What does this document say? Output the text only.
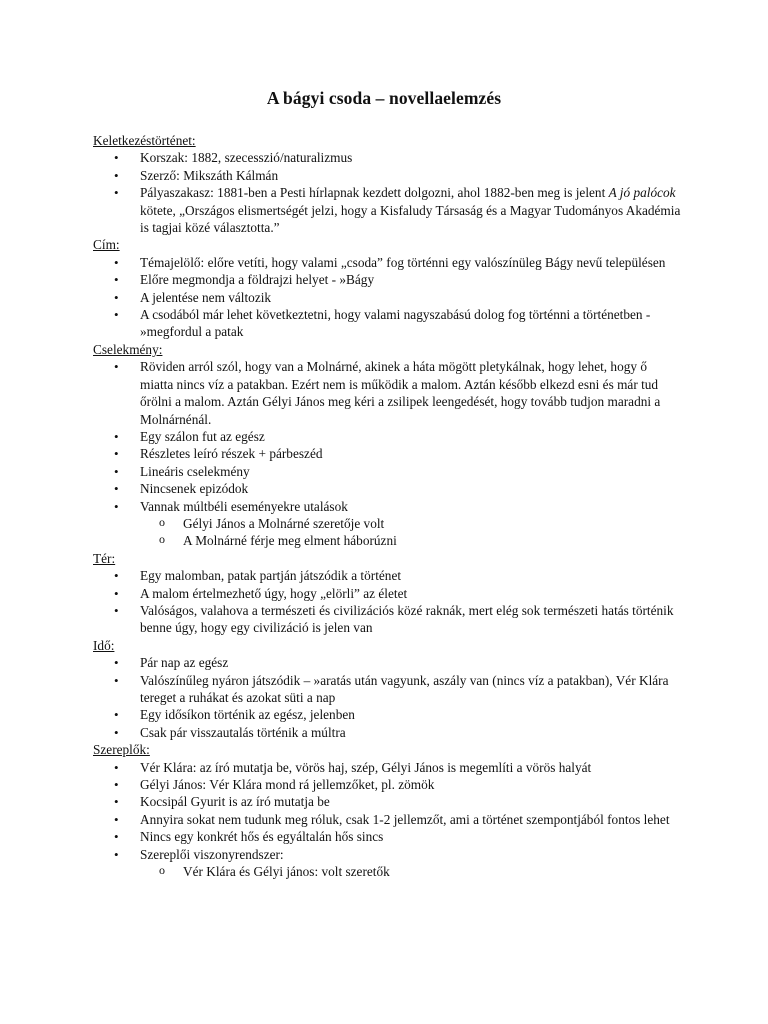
A bágyi csoda – novellaelemzés

Keletkezéstörténet:

• Korszak: 1882, szecesszió/naturalizmus
• Szerző: Mikszáth Kálmán
• Pályaszakasz: 1881-ben a Pesti hírlapnak kezdett dolgozni, ahol 1882-ben meg is jelent A jó palócok kötete, „Országos elismertségét jelzi, hogy a Kisfaludy Társaság és a Magyar Tudományos Akadémia is tagjai közé választotta.”

Cím:

• Témajelölő: előre vetíti, hogy valami „csoda” fog történni egy valószínüleg Bágy nevű településen
• Előre megmondja a földrajzi helyet - »Bágy
• A jelentése nem változik
• A csodából már lehet következtetni, hogy valami nagyszabású dolog fog történni a történetben - »megfordul a patak

Cselekmény:

• Röviden arról szól, hogy van a Molnárné, akinek a háta mögött pletykálnak, hogy lehet, hogy ő miatta nincs víz a patakban. Ezért nem is működik a malom. Aztán később elkezd esni és már tud őrölni a malom. Aztán Gélyi János meg kéri a zsilipek leengedését, hogy tovább tudjon maradni a Molnárnénál.
• Egy szálon fut az egész
• Részletes leíró részek + párbeszéd
• Lineáris cselekmény
• Nincsenek epizódok
• Vannak múltbéli eseményekre utalások
o Gélyi János a Molnárné szeretője volt
o A Molnárné férje meg elment háborúzni

Tér:

• Egy malomban, patak partján játszódik a történet
• A malom értelmezhető úgy, hogy „elörli” az életet
• Valóságos, valahova a természeti és civilizációs közé raknák, mert elég sok természeti hatás történik benne úgy, hogy egy civilizáció is jelen van

Idő:

• Pár nap az egész
• Valószínűleg nyáron játszódik – »aratás után vagyunk, aszály van (nincs víz a patakban), Vér Klára tereget a ruhákat és azokat süti a nap
• Egy idősíkon történik az egész, jelenben
• Csak pár visszautalás történik a múltra

Szereplők:

• Vér Klára: az író mutatja be, vörös haj, szép, Gélyi János is megemlíti a vörös halyát
• Gélyi János: Vér Klára mond rá jellemzőket, pl. zömök
• Kocsipál Gyurit is az író mutatja be
• Annyira sokat nem tudunk meg róluk, csak 1-2 jellemzőt, ami a történet szempontjából fontos lehet
• Nincs egy konkrét hős és egyáltalán hős sincs
• Szereplői viszonyrendszer:
o Vér Klára és Gélyi jános: volt szeretők
